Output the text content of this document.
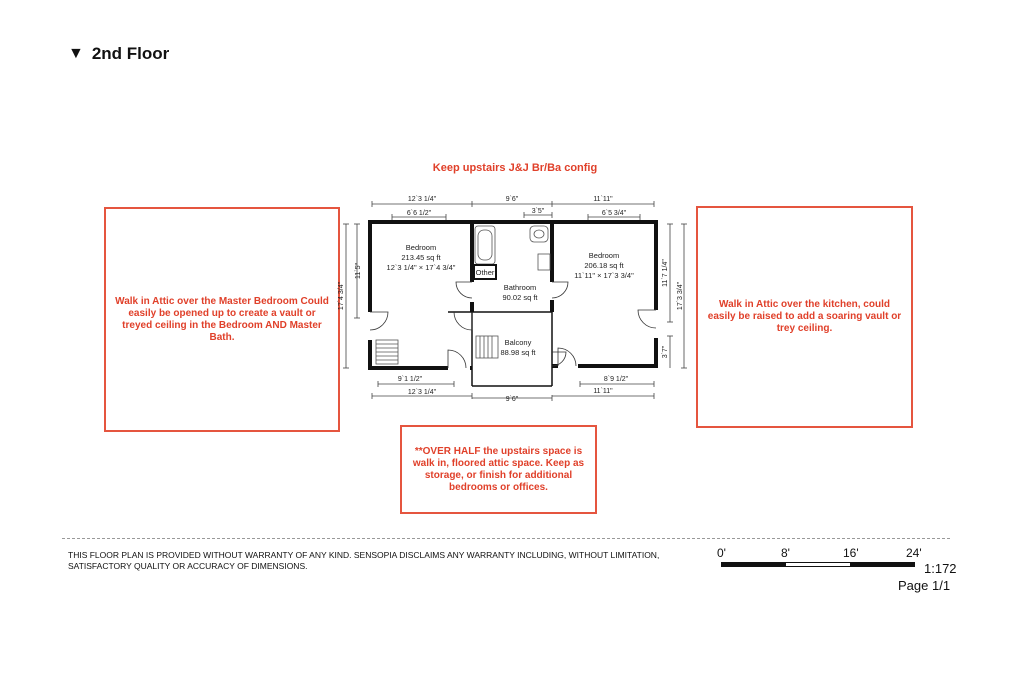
▼ 2nd Floor
Keep upstairs J&J Br/Ba config
Walk in Attic over the Master Bedroom Could easily be opened up to create a vault or treyed ceiling in the Bedroom AND Master Bath.
Walk in Attic over the kitchen, could easily be raised to add a soaring vault or trey ceiling.
**OVER HALF the upstairs space is walk in, floored attic space. Keep as storage, or finish for additional bedrooms or offices.
Bedroom
213.45 sq ft
12`3 1/4" × 17`4 3/4"
Bedroom
206.18 sq ft
11`11" × 17`3 3/4"
Bathroom
90.02 sq ft
Balcony
88.98 sq ft
Other
12`3 1/4"
6`6 1/2"
9`6"
3`5"
11`11"
6`5 3/4"
17`4 3/4"
11`5"
17`3 3/4"
11`7 1/4"
3`7"
9`1 1/2"
12`3 1/4"
9`6"
8`9 1/2"
11`11"
THIS FLOOR PLAN IS PROVIDED WITHOUT WARRANTY OF ANY KIND. SENSOPIA DISCLAIMS ANY WARRANTY INCLUDING, WITHOUT LIMITATION, SATISFACTORY QUALITY OR ACCURACY OF DIMENSIONS.
0'	8'	16'	24'
1:172
Page 1/1
